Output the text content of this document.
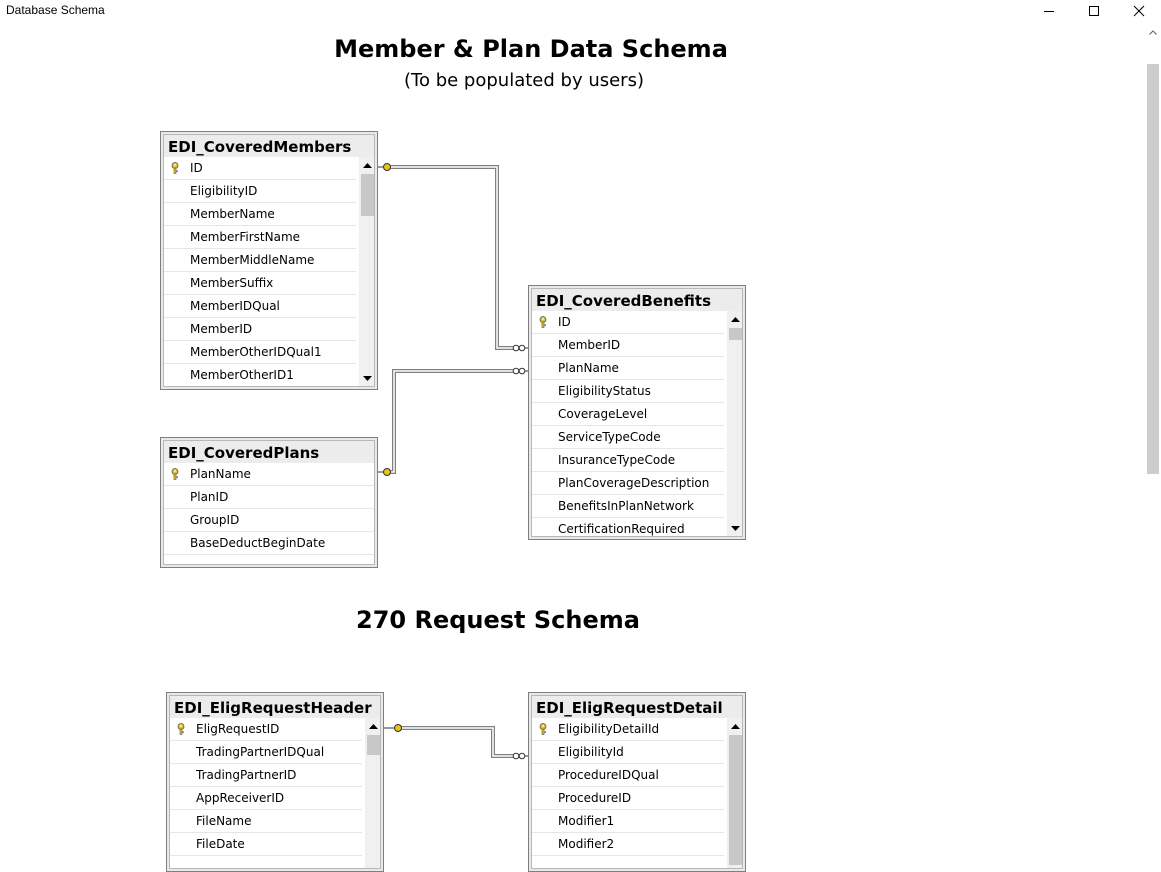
Database Schema
Member & Plan Data Schema
(To be populated by users)
270 Request Schema
EDI_CoveredMembers
ID
EligibilityID
MemberName
MemberFirstName
MemberMiddleName
MemberSuffix
MemberIDQual
MemberID
MemberOtherIDQual1
MemberOtherID1
EDI_CoveredPlans
PlanName
PlanID
GroupID
BaseDeductBeginDate
EDI_CoveredBenefits
ID
MemberID
PlanName
EligibilityStatus
CoverageLevel
ServiceTypeCode
InsuranceTypeCode
PlanCoverageDescription
BenefitsInPlanNetwork
CertificationRequired
EDI_EligRequestHeader
EligRequestID
TradingPartnerIDQual
TradingPartnerID
AppReceiverID
FileName
FileDate
EDI_EligRequestDetail
EligibilityDetailId
EligibilityId
ProcedureIDQual
ProcedureID
Modifier1
Modifier2
